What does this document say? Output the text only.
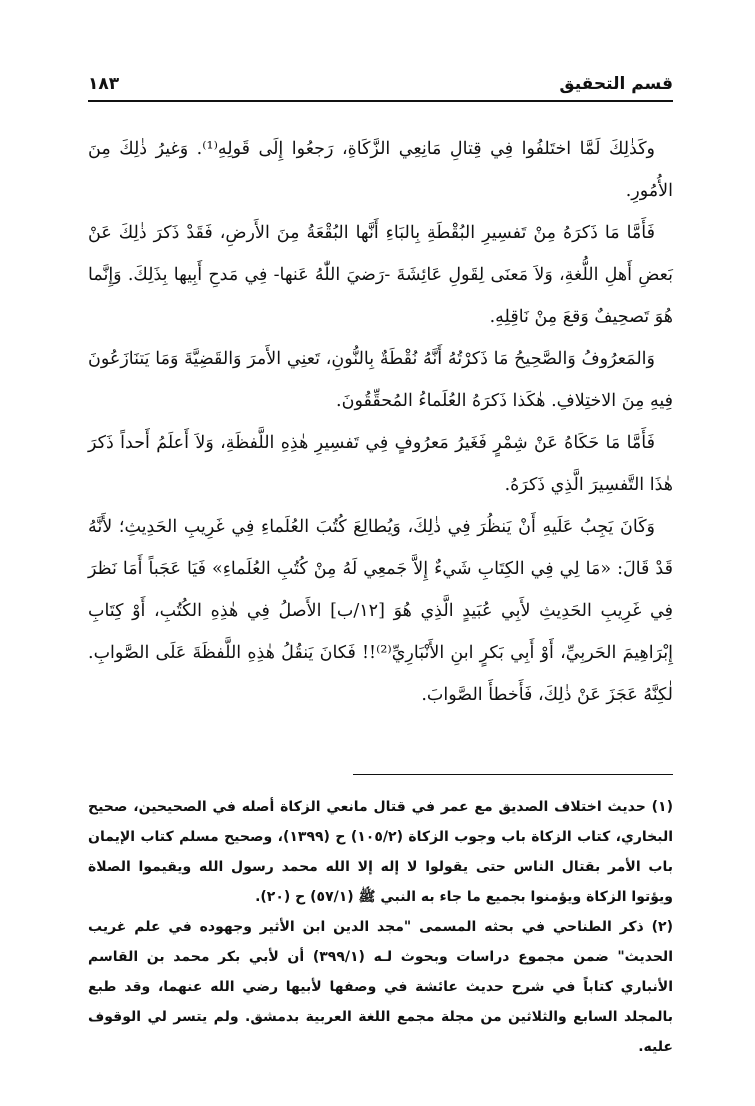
قسم التحقيق
١٨٣

وكَذٰلِكَ لَمَّا اختَلفُوا فِي قِتالِ مَانِعِي الزَّكَاةِ، رَجعُوا إِلَى قَولِهِ⁽¹⁾. وَغيرُ ذٰلِكَ مِنَ الأُمُورِ.

فَأَمَّا مَا ذَكرَهُ مِنْ تَفسِيرِ البُقْطَةِ بِالبَاءِ أَنَّها البُقْعَةُ مِنَ الأَرضِ، فَقَدْ ذَكرَ ذٰلِكَ عَنْ بَعضِ أَهلِ اللُّغةِ، وَلاَ مَعنَى لِقَولِ عَائِشَةَ -رَضيَ اللّٰهُ عَنها- فِي مَدحِ أَبِيها بِذَلِكَ. وَإِنَّما هُوَ تَصحِيفٌ وَقعَ مِنْ نَاقِلِهِ.

وَالمَعرُوفُ وَالصَّحِيحُ مَا ذَكرْتُهُ أَنَّهُ نُقْطَةٌ بِالنُّونِ، تَعنِي الأَمرَ وَالقَضِيَّةَ وَمَا يَتنَازَعُونَ فِيهِ مِنَ الاختِلافِ. هٰكَذا ذَكرَهُ العُلَماءُ المُحقِّقُونَ.

فَأَمَّا مَا حَكَاهُ عَنْ شِمْرٍ فَغَيرُ مَعرُوفٍ فِي تَفسِيرِ هٰذِهِ اللَّفظَةِ، وَلاَ أَعلَمُ أَحداً ذَكرَ هٰذَا التَّفسِيرَ الَّذِي ذَكرَهُ.

وَكَانَ يَجِبُ عَلَيهِ أَنْ يَنظُرَ فِي ذٰلِكَ، وَيُطالِعَ كُتُبَ العُلَماءِ فِي غَرِيبِ الحَدِيثِ؛ لأَنَّهُ قَدْ قَالَ: «مَا لِي فِي الكِتَابِ شَيءٌ إِلاَّ جَمعِي لَهُ مِنْ كُتُبِ العُلَماءِ» فَيَا عَجَباً أَمَا نَظرَ فِي غَرِيبِ الحَدِيثِ لأَبِي عُبَيدٍ الَّذِي هُوَ [١٢/ب] الأَصلُ فِي هٰذِهِ الكُتُبِ، أَوْ كِتَابِ إِبْرَاهِيمَ الحَربِيِّ، أَوْ أَبِي بَكرٍ ابنِ الأَنْبَارِيِّ⁽²⁾!! فَكانَ يَنقُلُ هٰذِهِ اللَّفظَةَ عَلَى الصَّوابِ. لٰكِنَّهُ عَجَزَ عَنْ ذٰلِكَ، فَأَخطأَ الصَّوابَ.

(١) حديث اختلاف الصديق مع عمر في قتال مانعي الزكاة أصله في الصحيحين، صحيح البخاري، كتاب الزكاة باب وجوب الزكاة (١٠٥/٢) ح (١٣٩٩)، وصحيح مسلم كتاب الإيمان باب الأمر بقتال الناس حتى يقولوا لا إله إلا الله محمد رسول الله ويقيموا الصلاة ويؤتوا الزكاة ويؤمنوا بجميع ما جاء به النبي ﷺ (٥٧/١) ح (٢٠).

(٢) ذكر الطناحي في بحثه المسمى "مجد الدين ابن الأثير وجهوده في علم غريب الحديث" ضمن مجموع دراسات وبحوث لـه (٣٩٩/١) أن لأبي بكر محمد بن القاسم الأنباري كتاباً في شرح حديث عائشة في وصفها لأبيها رضي الله عنهما، وقد طبع بالمجلد السابع والثلاثين من مجلة مجمع اللغة العربية بدمشق. ولم يتسر لي الوقوف عليه.
